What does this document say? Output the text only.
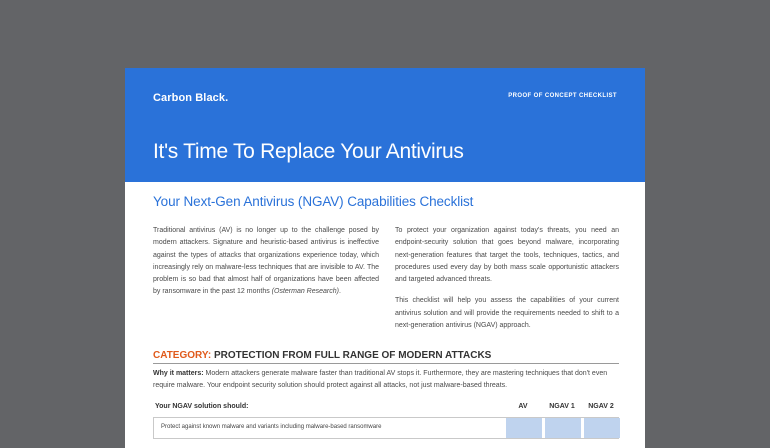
Carbon Black.	PROOF OF CONCEPT CHECKLIST
It's Time To Replace Your Antivirus
Your Next-Gen Antivirus (NGAV) Capabilities Checklist

Traditional antivirus (AV) is no longer up to the challenge posed by modern attackers. Signature and heuristic-based antivirus is ineffective against the types of attacks that organizations experience today, which increasingly rely on malware-less techniques that are invisible to AV. The problem is so bad that almost half of organizations have been affected by ransomware in the past 12 months (Osterman Research).

To protect your organization against today's threats, you need an endpoint-security solution that goes beyond malware, incorporating next-generation features that target the tools, techniques, tactics, and procedures used every day by both mass scale opportunistic attackers and targeted advanced threats.

This checklist will help you assess the capabilities of your current antivirus solution and will provide the requirements needed to shift to a next-generation antivirus (NGAV) approach.

CATEGORY: PROTECTION FROM FULL RANGE OF MODERN ATTACKS
Why it matters: Modern attackers generate malware faster than traditional AV stops it. Furthermore, they are mastering techniques that don't even require malware. Your endpoint security solution should protect against all attacks, not just malware-based threats.
Your NGAV solution should:	AV	NGAV 1	NGAV 2
Protect against known malware and variants including malware-based ransomware
